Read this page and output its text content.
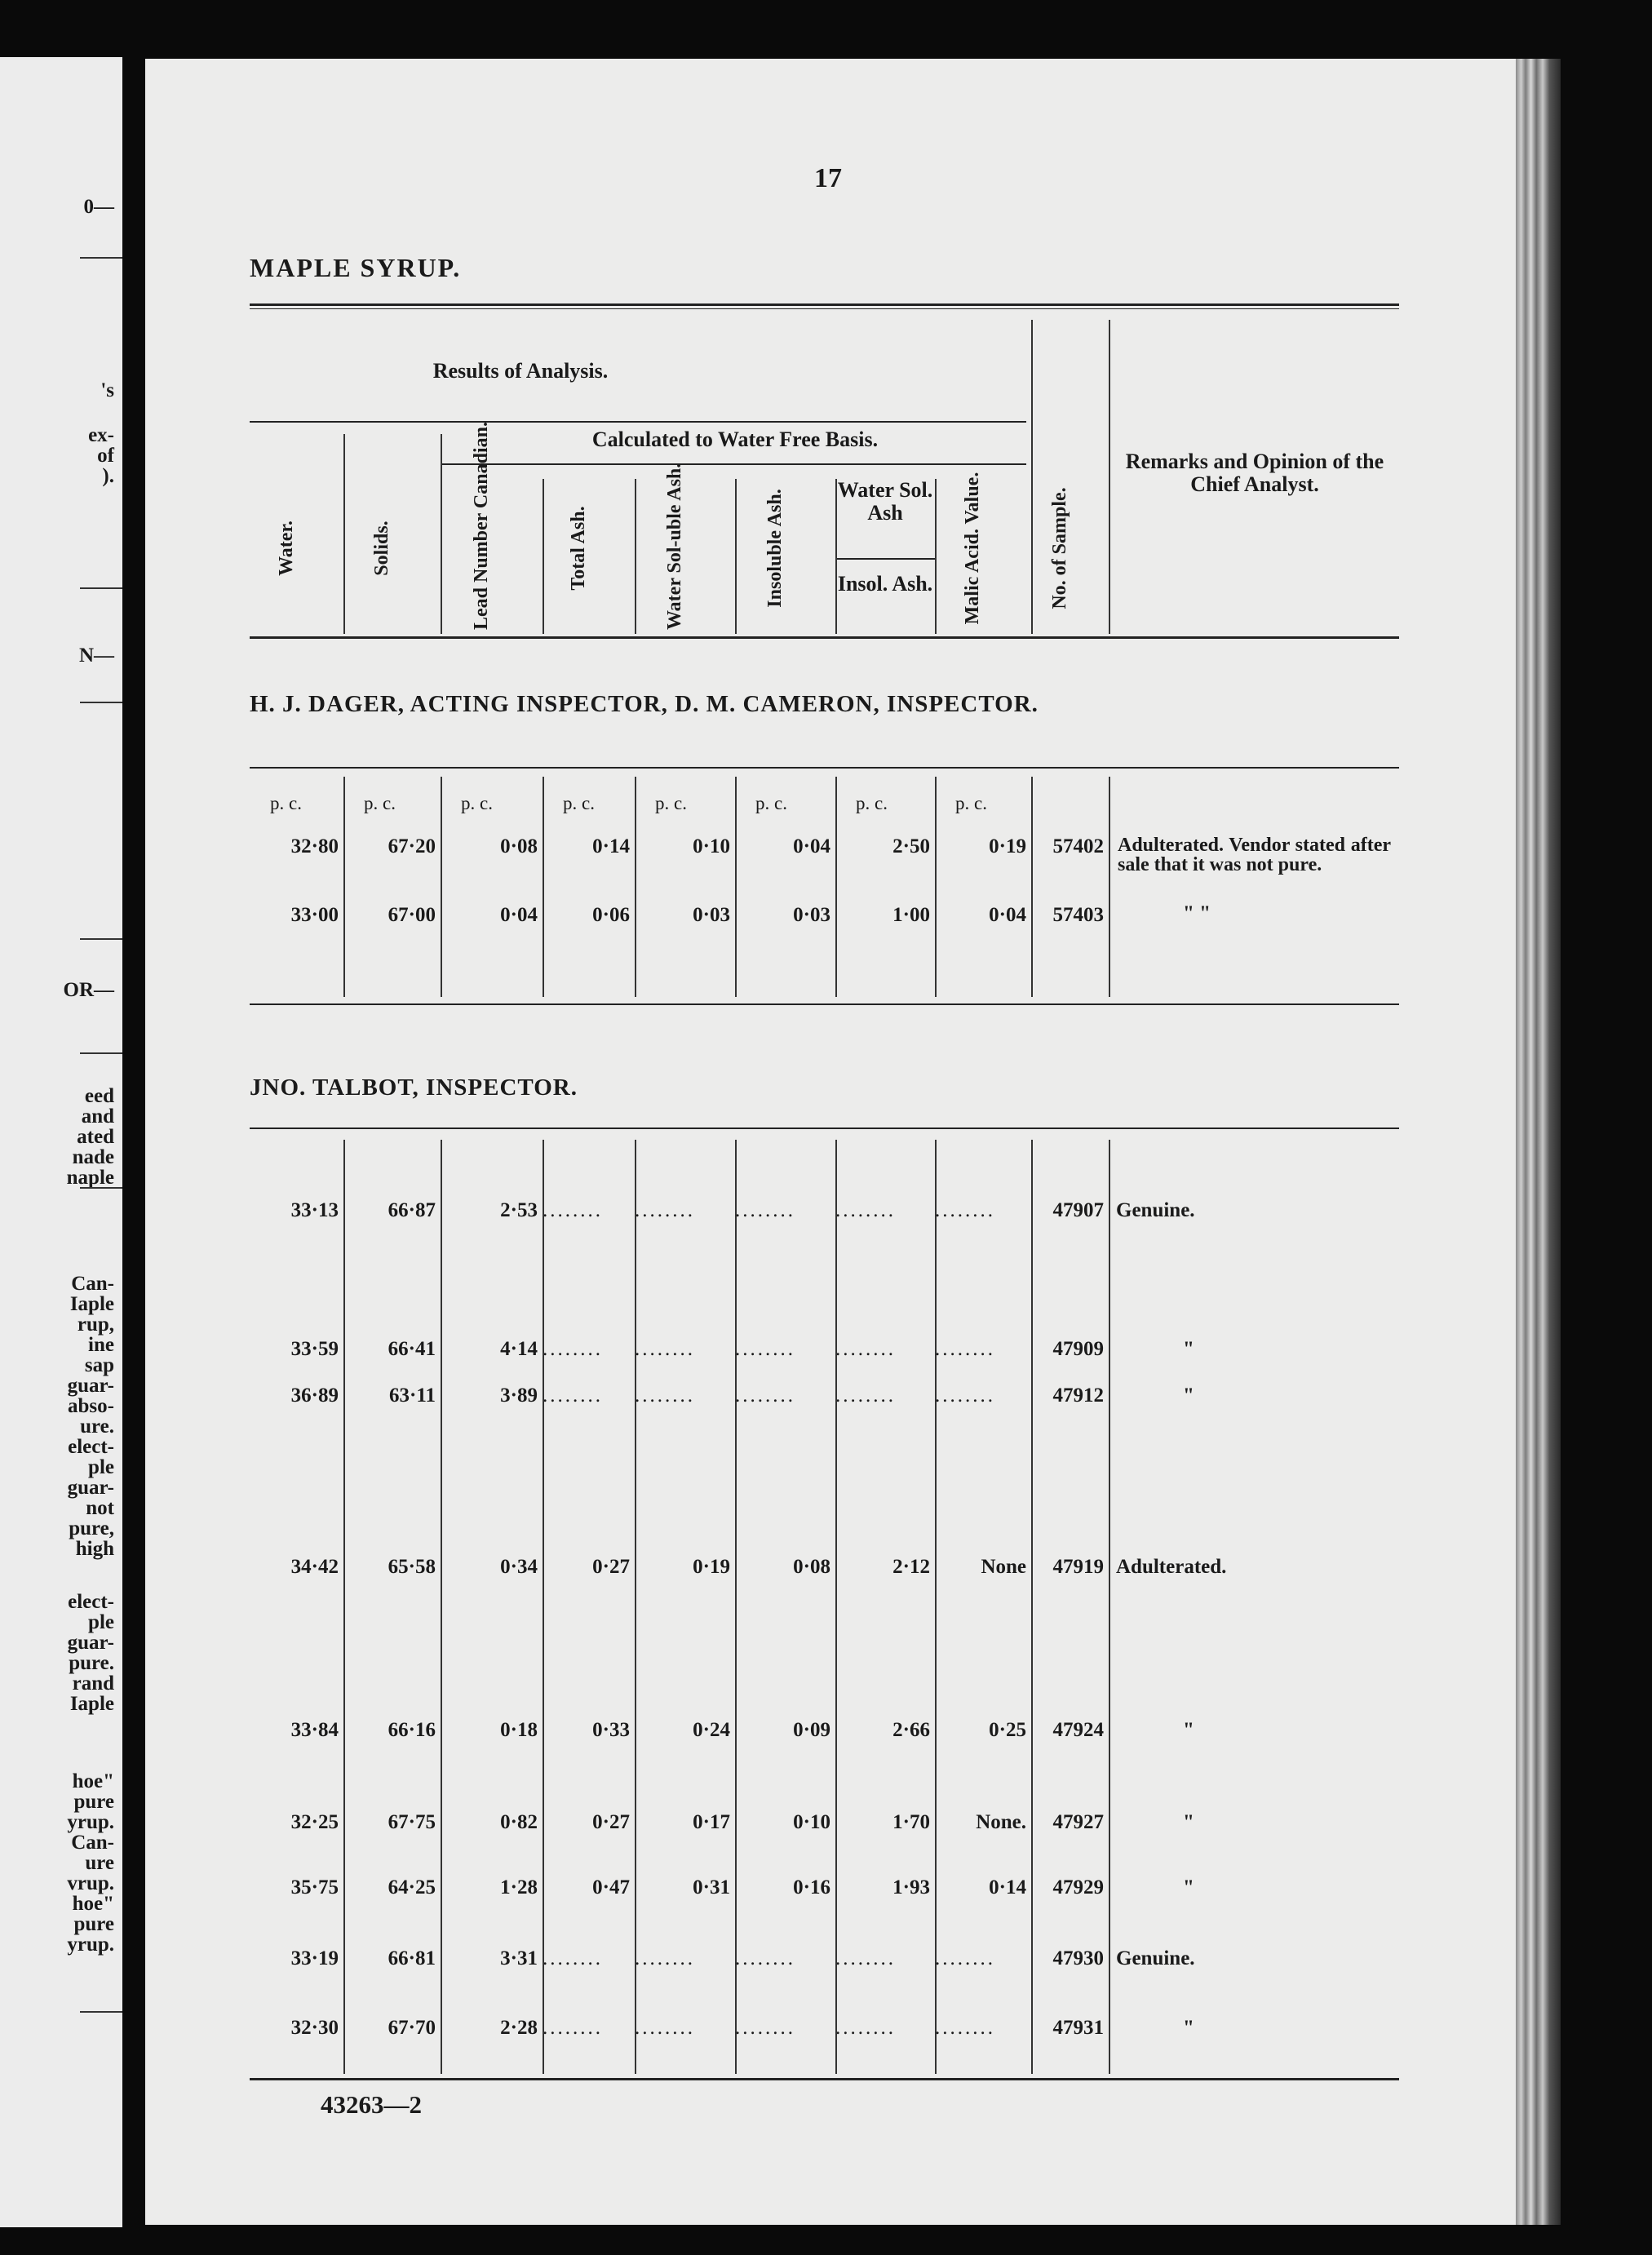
0—
N—
OR—
eed
and
ated
nade
naple
Can-
Iaple
rup,
ine
sap
guar-
abso-
ure.
elect-
ple
guar-
not
pure,
high
elect-
ple
guar-
pure.
rand
Iaple
hoe"
pure
yrup.
Can-
ure
vrup.
hoe"
pure
yrup.
's
ex-
of
).
17
MAPLE SYRUP.
Results of Analysis.
Calculated to Water Free Basis.
Water Sol. Ash
Insol. Ash.
Remarks and Opinion of the Chief Analyst.
Water.	Solids.	Lead Number Canadian.	Total Ash.	Water Sol-uble Ash.	Insoluble Ash.	Malic Acid. Value.	No. of Sample.
H. J. DAGER, ACTING INSPECTOR, D. M. CAMERON, INSPECTOR.
p. c.	p. c.	p. c.	p. c.	p. c.	p. c.	p. c.	p. c.
32·80	67·20	0·08	0·14	0·10	0·04	2·50	0·19	57402 Adulterated. Vendor stated after sale that it was not pure.
33·00	67·00	0·04	0·06	0·03	0·03	1·00	0·04	57403	" "
JNO. TALBOT, INSPECTOR.
33·13	66·87	2·53 ........	........	........	........	........	47907 Genuine.
33·59	66·41	4·14 ........	........	........	........	........	47909	"
36·89	63·11	3·89 ........	........	........	........	........	47912	"
34·42	65·58	0·34	0·27	0·19	0·08	2·12	None	47919 Adulterated.
33·84	66·16	0·18	0·33	0·24	0·09	2·66	0·25	47924	"
32·25	67·75	0·82	0·27	0·17	0·10	1·70	None.	47927	"
35·75	64·25	1·28	0·47	0·31	0·16	1·93	0·14	47929	"
33·19	66·81	3·31 ........	........	........	........	........	47930 Genuine.
32·30	67·70	2·28 ........	........	........	........	........	47931	"
43263—2
